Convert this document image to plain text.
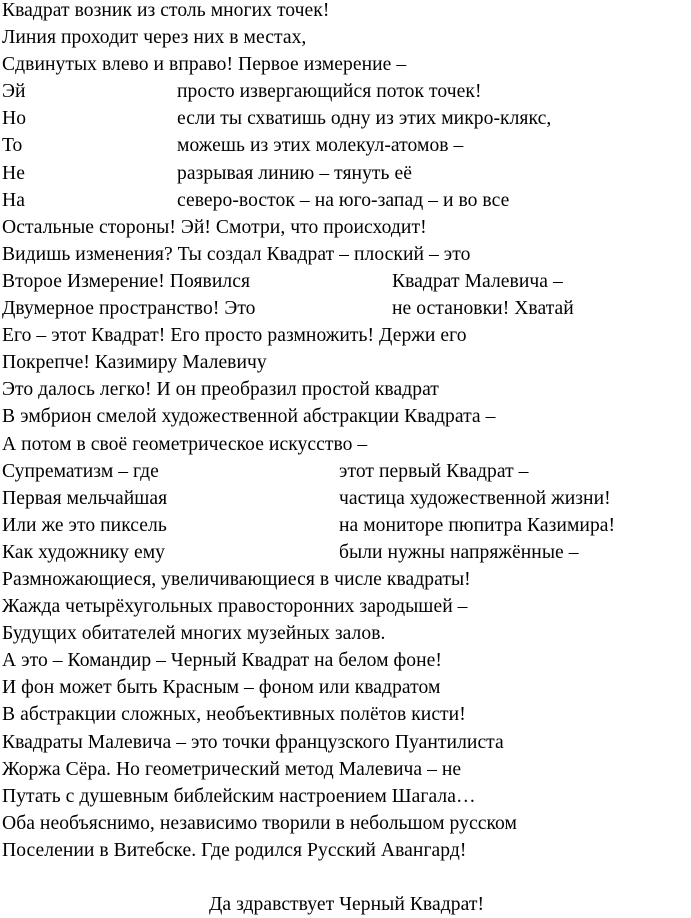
Квадрат возник из столь многих точек!
Линия проходит через них в местах,
Сдвинутых влево и вправо! Первое измерение –
Эй	просто извергающийся поток точек!
Но	если ты схватишь одну из этих микро-клякс,
То	можешь из этих молекул-атомов –
Не	разрывая линию – тянуть её
На	северо-восток – на юго-запад – и во все
Остальные стороны! Эй! Смотри, что происходит!
Видишь изменения? Ты создал Квадрат – плоский – это
Второе Измерение! Появился	Квадрат Малевича –
Двумерное пространство! Это	не остановки! Хватай
Его – этот Квадрат! Его просто размножить! Держи его
Покрепче! Казимиру Малевичу
Это далось легко! И он преобразил простой квадрат
В эмбрион смелой художественной абстракции Квадрата –
А потом в своё геометрическое искусство –
Супрематизм – где	этот первый Квадрат –
Первая мельчайшая	частица художественной жизни!
Или же это пиксель	на мониторе пюпитра Казимира!
Как художнику ему	были нужны напряжённые –
Размножающиеся, увеличивающиеся в числе квадраты!
Жажда четырёхугольных правосторонних зародышей –
Будущих обитателей многих музейных залов.
А это – Командир – Черный Квадрат на белом фоне!
И фон может быть Красным – фоном или квадратом
В абстракции сложных, необъективных полётов кисти!
Квадраты Малевича – это точки французского Пуантилиста
Жоржа Сёра. Но геометрический метод Малевича – не
Путать с душевным библейским настроением Шагала…
Оба необъяснимо, независимо творили в небольшом русском
Поселении в Витебске. Где родился Русский Авангард!
Да здравствует Черный Квадрат!
